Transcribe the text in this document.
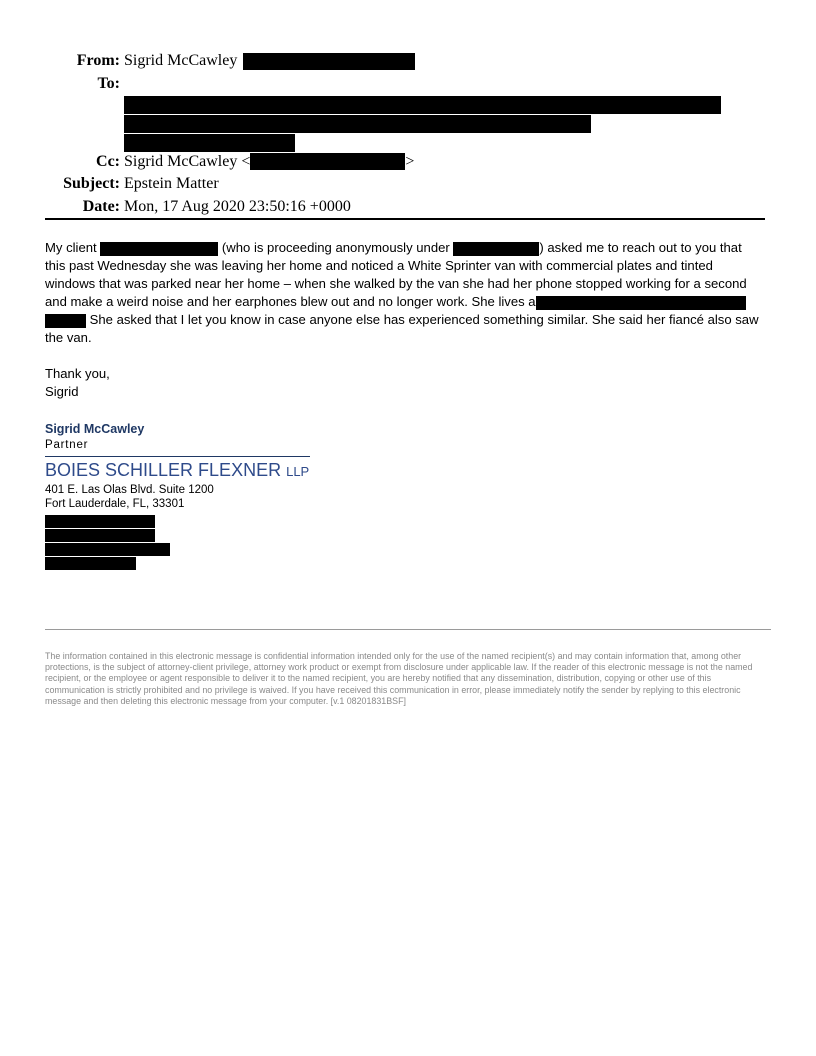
From: Sigrid McCawley
To:
Cc: Sigrid McCawley <	>
Subject: Epstein Matter
Date: Mon, 17 Aug 2020 23:50:16 +0000
My client	(who is proceeding anonymously under	) asked me to reach out to you that
this past Wednesday she was leaving her home and noticed a White Sprinter van with commercial plates and tinted
windows that was parked near her home – when she walked by the van she had her phone stopped working for a second
and make a weird noise and her earphones blew out and no longer work. She lives a
She asked that I let you know in case anyone else has experienced something similar. She said her fiancé also saw
the van.
Thank you,
Sigrid
Sigrid McCawley
Partner
BOIES SCHILLER FLEXNER LLP
401 E. Las Olas Blvd. Suite 1200
Fort Lauderdale, FL, 33301
The information contained in this electronic message is confidential information intended only for the use of the named recipient(s) and may contain information that, among other protections, is the subject of attorney-client privilege, attorney work product or exempt from disclosure under applicable law. If the reader of this electronic message is not the named recipient, or the employee or agent responsible to deliver it to the named recipient, you are hereby notified that any dissemination, distribution, copying or other use of this communication is strictly prohibited and no privilege is waived. If you have received this communication in error, please immediately notify the sender by replying to this electronic message and then deleting this electronic message from your computer. [v.1 08201831BSF]
